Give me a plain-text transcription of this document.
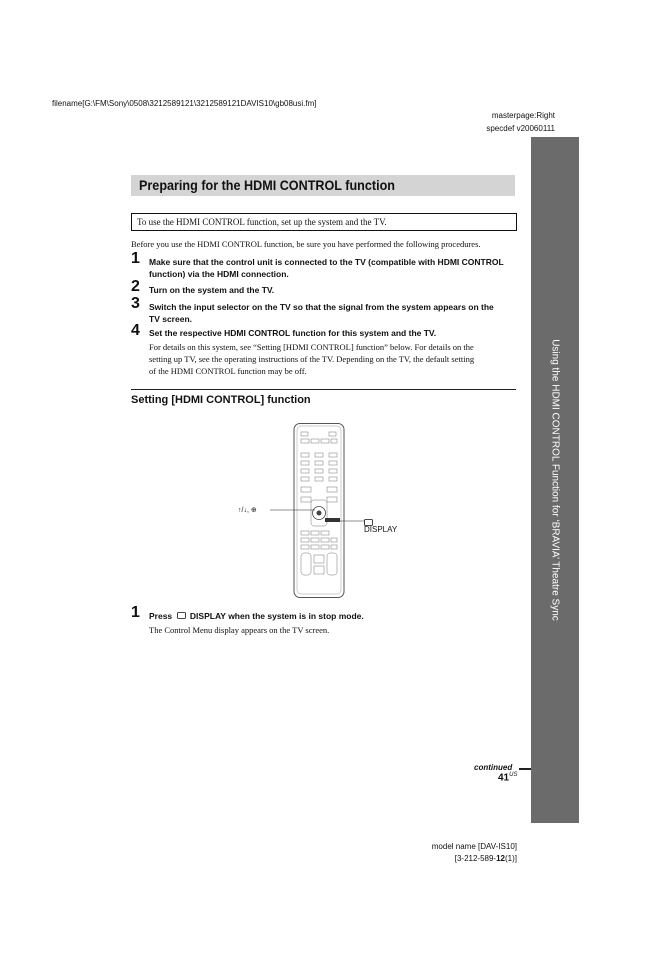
filename[G:\FM\Sony\0508\3212589121\3212589121DAVIS10\gb08usi.fm]
masterpage:Right
specdef v20060111
Using the HDMI CONTROL Function for ‘BRAVIA’ Theatre Sync
Preparing for the HDMI CONTROL function
To use the HDMI CONTROL function, set up the system and the TV.
Before you use the HDMI CONTROL function, be sure you have performed the following procedures.
1 Make sure that the control unit is connected to the TV (compatible with HDMI CONTROL
function) via the HDMI connection.
2 Turn on the system and the TV.
3 Switch the input selector on the TV so that the signal from the system appears on the
TV screen.
4 Set the respective HDMI CONTROL function for this system and the TV.
For details on this system, see “Setting [HDMI CONTROL] function” below. For details on the
setting up TV, see the operating instructions of the TV. Depending on the TV, the default setting
of the HDMI CONTROL function may be off.
Setting [HDMI CONTROL] function
↑/↓, ⊕
DISPLAY
1 Press DISPLAY when the system is in stop mode.
The Control Menu display appears on the TV screen.
continued
$41^{US}$
model name [DAV-IS10]
[3-212-589-12(1)]
